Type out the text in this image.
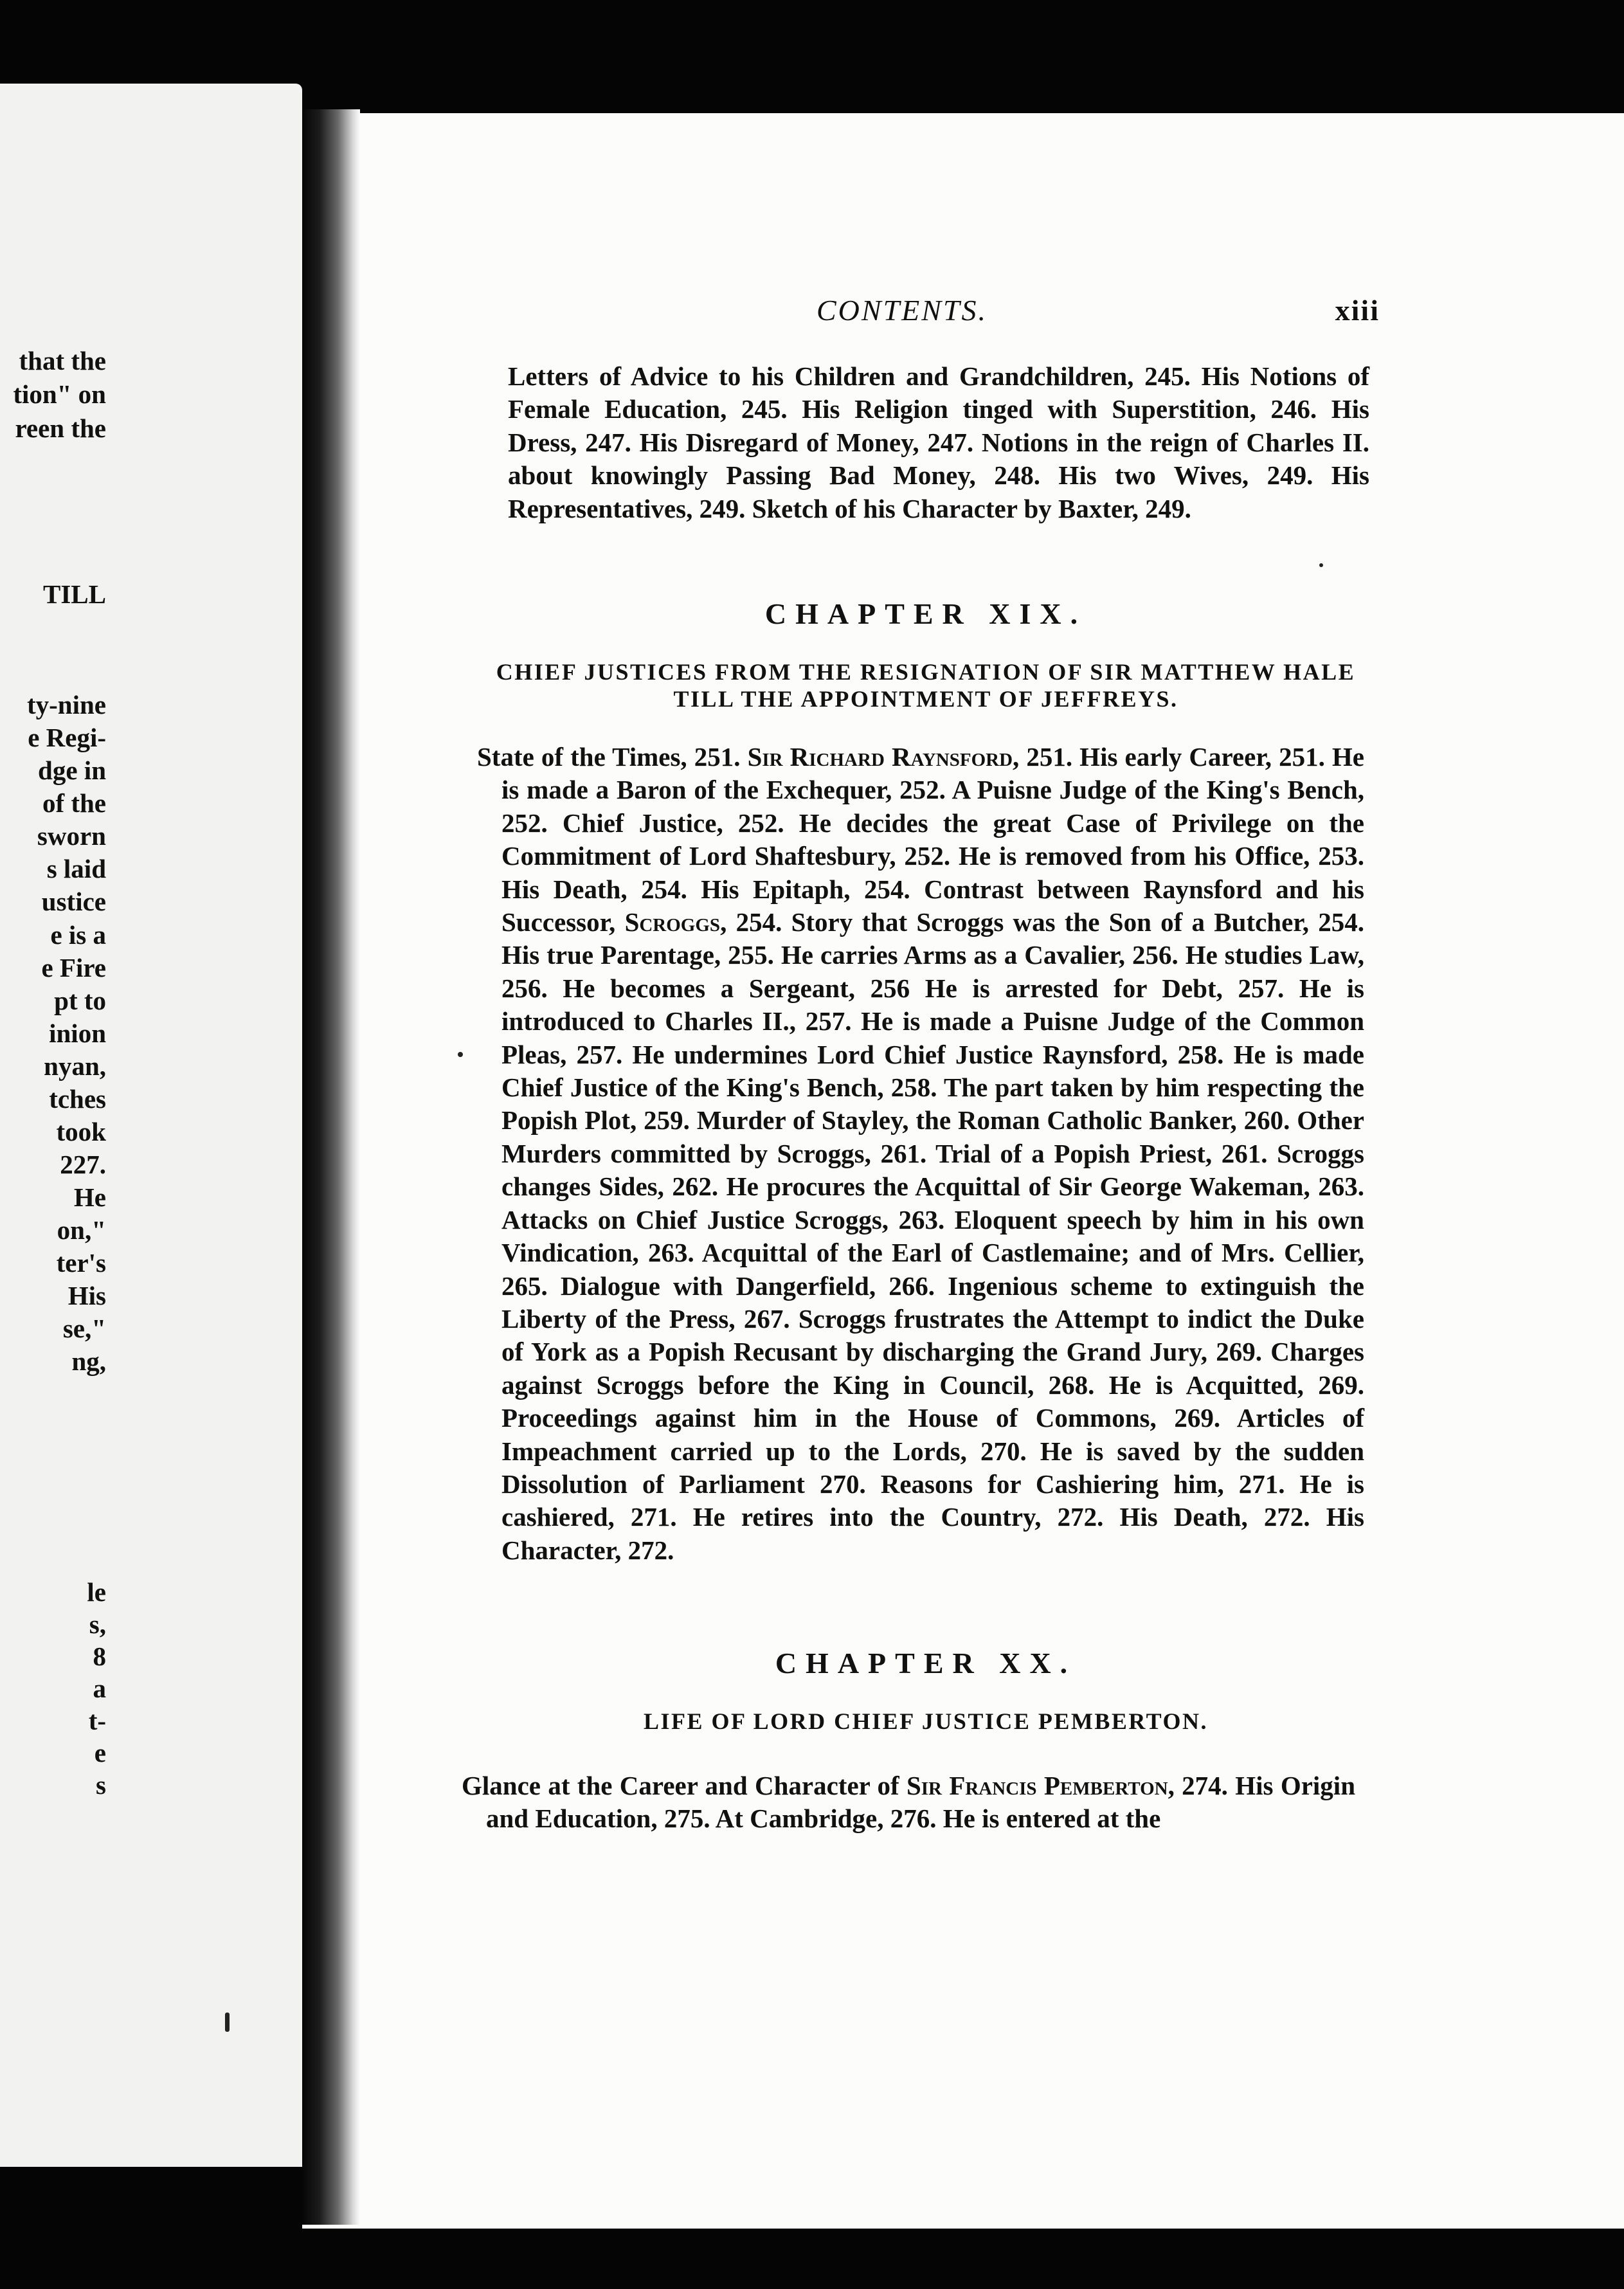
that the
tion" on
reen the
TILL
ty-nine
e Regi-
dge in
of the
sworn
s laid
ustice
e is a
e Fire
pt to
inion
nyan,
tches
took
227.
He
on,"
ter's
His
se,"
ng,
le
s,
8
a
t-
e
s
CONTENTS.	xiii

Letters of Advice to his Children and Grandchildren, 245. His Notions of Female Education, 245. His Religion tinged with Superstition, 246. His Dress, 247. His Disregard of Money, 247. Notions in the reign of Charles II. about knowingly Passing Bad Money, 248. His two Wives, 249. His Representatives, 249. Sketch of his Character by Baxter, 249.

CHAPTER XIX.
CHIEF JUSTICES FROM THE RESIGNATION OF SIR MATTHEW HALE TILL THE APPOINTMENT OF JEFFREYS.

State of the Times, 251. Sir Richard Raynsford, 251. His early Career, 251. He is made a Baron of the Exchequer, 252. A Puisne Judge of the King's Bench, 252. Chief Justice, 252. He decides the great Case of Privilege on the Commitment of Lord Shaftesbury, 252. He is removed from his Office, 253. His Death, 254. His Epitaph, 254. Contrast between Raynsford and his Successor, Scroggs, 254. Story that Scroggs was the Son of a Butcher, 254. His true Parentage, 255. He carries Arms as a Cavalier, 256. He studies Law, 256. He becomes a Sergeant, 256 He is arrested for Debt, 257. He is introduced to Charles II., 257. He is made a Puisne Judge of the Common Pleas, 257. He undermines Lord Chief Justice Raynsford, 258. He is made Chief Justice of the King's Bench, 258. The part taken by him respecting the Popish Plot, 259. Murder of Stayley, the Roman Catholic Banker, 260. Other Murders committed by Scroggs, 261. Trial of a Popish Priest, 261. Scroggs changes Sides, 262. He procures the Acquittal of Sir George Wakeman, 263. Attacks on Chief Justice Scroggs, 263. Eloquent speech by him in his own Vindication, 263. Acquittal of the Earl of Castlemaine; and of Mrs. Cellier, 265. Dialogue with Dangerfield, 266. Ingenious scheme to extinguish the Liberty of the Press, 267. Scroggs frustrates the Attempt to indict the Duke of York as a Popish Recusant by discharging the Grand Jury, 269. Charges against Scroggs before the King in Council, 268. He is Acquitted, 269. Proceedings against him in the House of Commons, 269. Articles of Impeachment carried up to the Lords, 270. He is saved by the sudden Dissolution of Parliament 270. Reasons for Cashiering him, 271. He is cashiered, 271. He retires into the Country, 272. His Death, 272. His Character, 272.

CHAPTER XX.
LIFE OF LORD CHIEF JUSTICE PEMBERTON.

Glance at the Career and Character of Sir Francis Pemberton, 274. His Origin and Education, 275. At Cambridge, 276. He is entered at the
